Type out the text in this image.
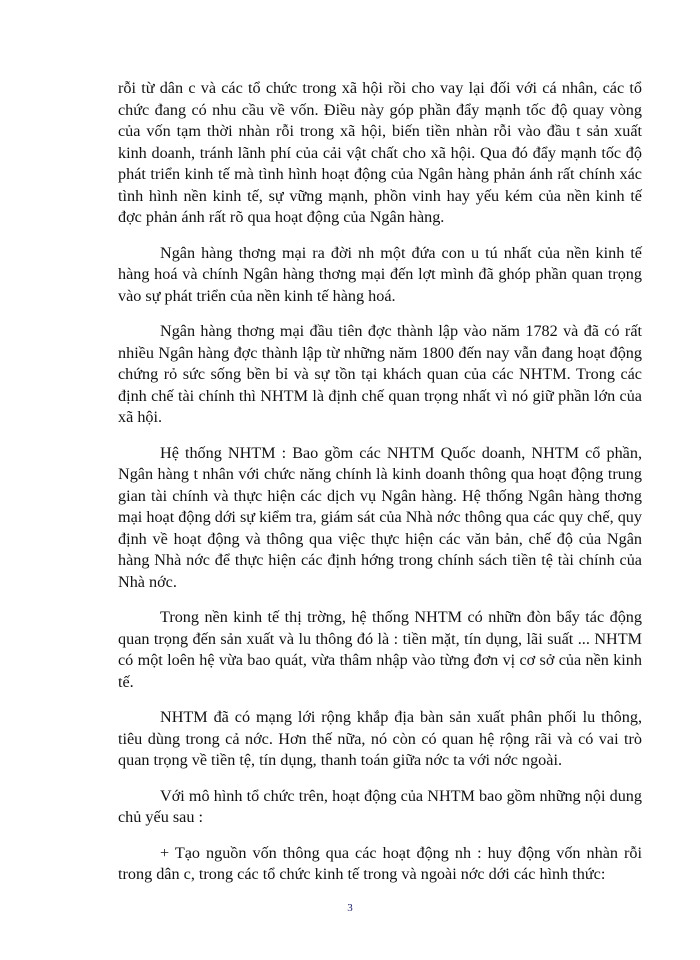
rỗi từ dân c và các tổ chức trong xã hội rồi cho vay lại đối với cá nhân, các tổ chức đang có nhu cầu về vốn. Điều này góp phần đẩy mạnh tốc độ quay vòng của vốn tạm thời nhàn rỗi trong xã hội, biến tiền nhàn rỗi vào đầu t sản xuất kinh doanh, tránh lãnh phí của cải vật chất cho xã hội. Qua đó đẩy mạnh tốc độ phát triển kinh tế mà tình hình hoạt động của Ngân hàng phản ánh rất chính xác tình hình nền kinh tế, sự vững mạnh, phồn vinh hay yếu kém của nền kinh tế đợc phản ánh rất rõ qua hoạt động của Ngân hàng.

Ngân hàng thơng mại ra đời nh một đứa con u tú nhất của nền kinh tế hàng hoá và chính Ngân hàng thơng mại đến lợt mình đã ghóp phần quan trọng vào sự phát triển của nền kinh tế hàng hoá.

Ngân hàng thơng mại đầu tiên đợc thành lập vào năm 1782 và đã có rất nhiều Ngân hàng đợc thành lập từ những năm 1800 đến nay vẫn đang hoạt động chứng rỏ sức sống bền bỉ và sự tồn tại khách quan của các NHTM. Trong các định chế tài chính thì NHTM là định chế quan trọng nhất vì nó giữ phần lớn của xã hội.

Hệ thống NHTM : Bao gồm các NHTM Quốc doanh, NHTM cổ phần, Ngân hàng t nhân với chức năng chính là kinh doanh thông qua hoạt động trung gian tài chính và thực hiện các dịch vụ Ngân hàng. Hệ thống Ngân hàng thơng mại hoạt động dới sự kiểm tra, giám sát của Nhà nớc thông qua các quy chế, quy định về hoạt động và thông qua việc thực hiện các văn bản, chế độ của Ngân hàng Nhà nớc để thực hiện các định hớng trong chính sách tiền tệ tài chính của Nhà nớc.

Trong nền kinh tế thị trờng, hệ thống NHTM có nhữn đòn bẩy tác động quan trọng đến sản xuất và lu thông đó là : tiền mặt, tín dụng, lãi suất ... NHTM có một loên hệ vừa bao quát, vừa thâm nhập vào từng đơn vị cơ sở của nền kinh tế.

NHTM đã có mạng lới rộng khắp địa bàn sản xuất phân phối lu thông, tiêu dùng trong cả nớc. Hơn thế nữa, nó còn có quan hệ rộng rãi và có vai trò quan trọng về tiền tệ, tín dụng, thanh toán giữa nớc ta với nớc ngoài.

Với mô hình tổ chức trên, hoạt động của NHTM bao gồm những nội dung chủ yếu sau :

+ Tạo nguồn vốn thông qua các hoạt động nh : huy động vốn nhàn rỗi trong dân c, trong các tổ chức kinh tế trong và ngoài nớc dới các hình thức:

3
